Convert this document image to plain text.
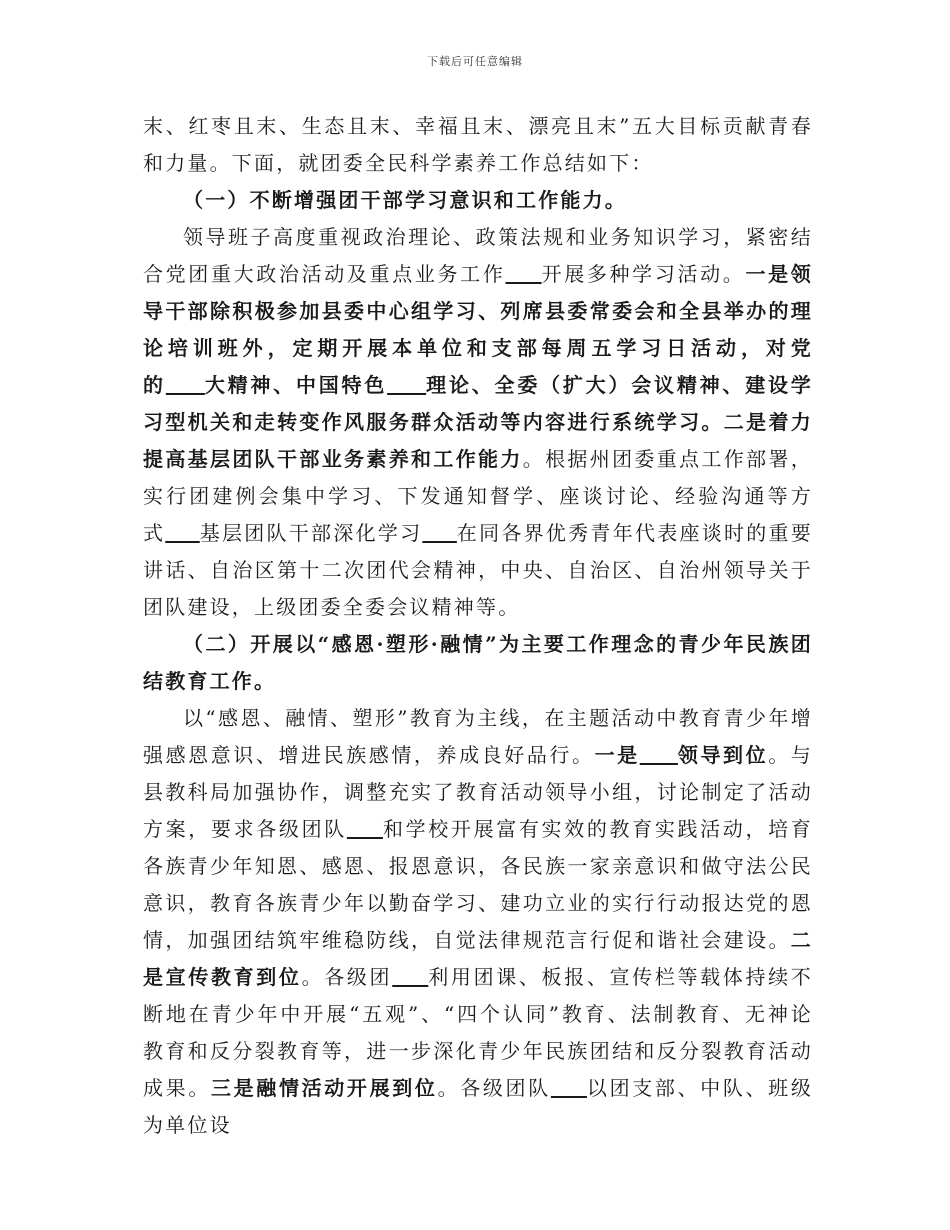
下载后可任意编辑

末、红枣且末、生态且末、幸福且末、漂亮且末”五大目标贡献青春和力量。下面，就团委全民科学素养工作总结如下：

（一）不断增强团干部学习意识和工作能力。

领导班子高度重视政治理论、政策法规和业务知识学习，紧密结合党团重大政治活动及重点业务工作 开展多种学习活动。一是领导干部除积极参加县委中心组学习、列席县委常委会和全县举办的理论培训班外，定期开展本单位和支部每周五学习日活动，对党的 大精神、中国特色 理论、全委（扩大）会议精神、建设学习型机关和走转变作风服务群众活动等内容进行系统学习。二是着力提高基层团队干部业务素养和工作能力。根据州团委重点工作部署，实行团建例会集中学习、下发通知督学、座谈讨论、经验沟通等方式 基层团队干部深化学习 在同各界优秀青年代表座谈时的重要讲话、自治区第十二次团代会精神，中央、自治区、自治州领导关于团队建设，上级团委全委会议精神等。

（二）开展以“感恩·塑形·融情”为主要工作理念的青少年民族团结教育工作。

以“感恩、融情、塑形”教育为主线，在主题活动中教育青少年增强感恩意识、增进民族感情，养成良好品行。一是 领导到位。与县教科局加强协作，调整充实了教育活动领导小组，讨论制定了活动方案，要求各级团队 和学校开展富有实效的教育实践活动，培育各族青少年知恩、感恩、报恩意识，各民族一家亲意识和做守法公民意识，教育各族青少年以勤奋学习、建功立业的实行行动报达党的恩情，加强团结筑牢维稳防线，自觉法律规范言行促和谐社会建设。二是宣传教育到位。各级团 利用团课、板报、宣传栏等载体持续不断地在青少年中开展“五观”、“四个认同”教育、法制教育、无神论教育和反分裂教育等，进一步深化青少年民族团结和反分裂教育活动成果。三是融情活动开展到位。各级团队 以团支部、中队、班级为单位设
